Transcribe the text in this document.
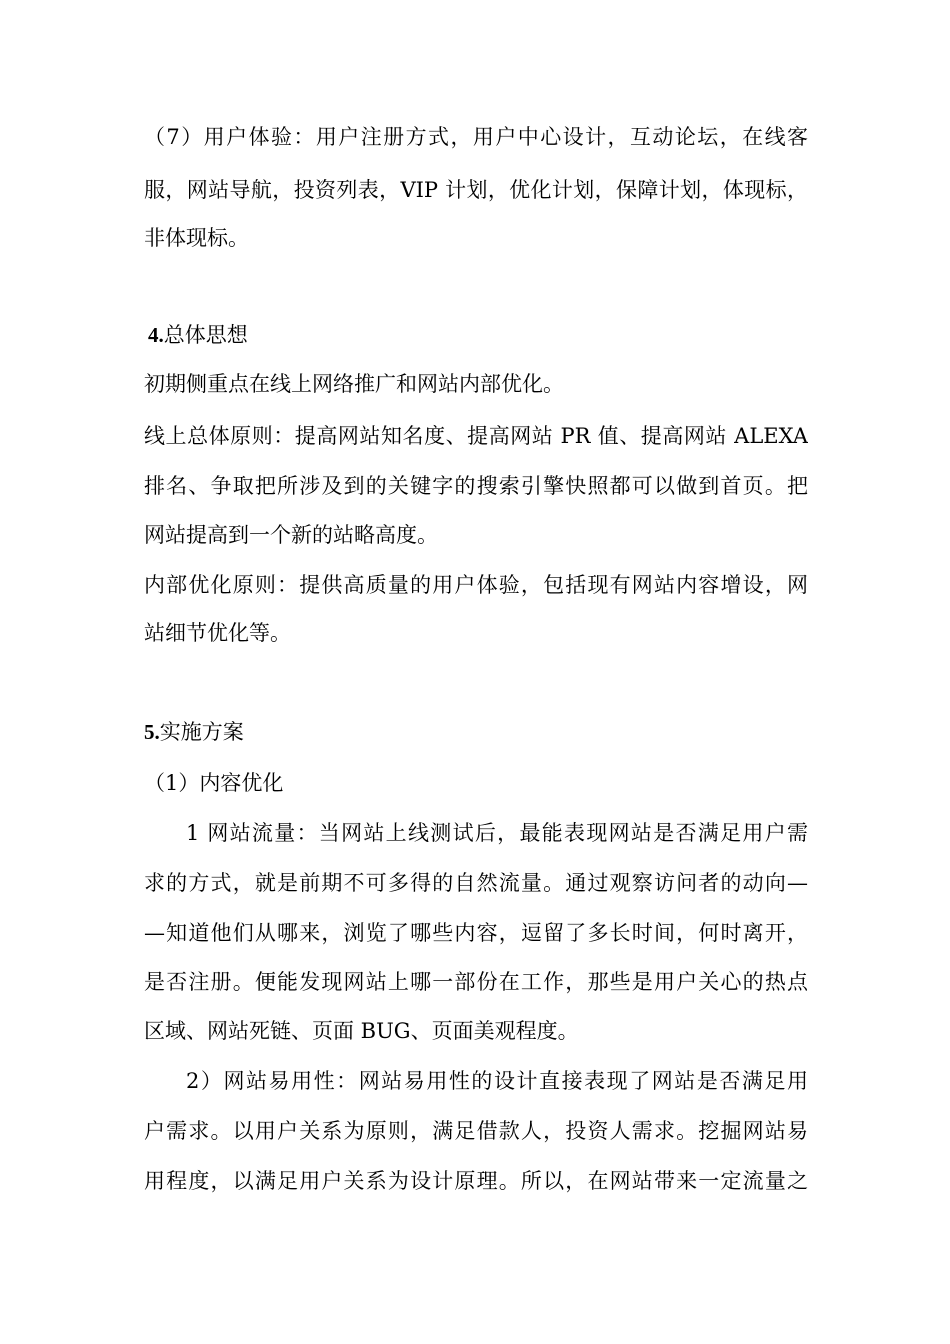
（7）用户体验：用户注册方式，用户中心设计，互动论坛，在线客
服，网站导航，投资列表，VIP 计划，优化计划，保障计划，体现标，
非体现标。
4.总体思想
初期侧重点在线上网络推广和网站内部优化。
线上总体原则：提高网站知名度、提高网站 PR 值、提高网站 ALEXA
排名、争取把所涉及到的关键字的搜索引擎快照都可以做到首页。把
网站提高到一个新的站略高度。
内部优化原则：提供高质量的用户体验，包括现有网站内容增设，网
站细节优化等。
5.实施方案
（1）内容优化
1 网站流量：当网站上线测试后，最能表现网站是否满足用户需
求的方式，就是前期不可多得的自然流量。通过观察访问者的动向—
—知道他们从哪来，浏览了哪些内容，逗留了多长时间，何时离开，
是否注册。便能发现网站上哪一部份在工作，那些是用户关心的热点
区域、网站死链、页面 BUG、页面美观程度。
2）网站易用性：网站易用性的设计直接表现了网站是否满足用
户需求。以用户关系为原则，满足借款人，投资人需求。挖掘网站易
用程度，以满足用户关系为设计原理。所以，在网站带来一定流量之
